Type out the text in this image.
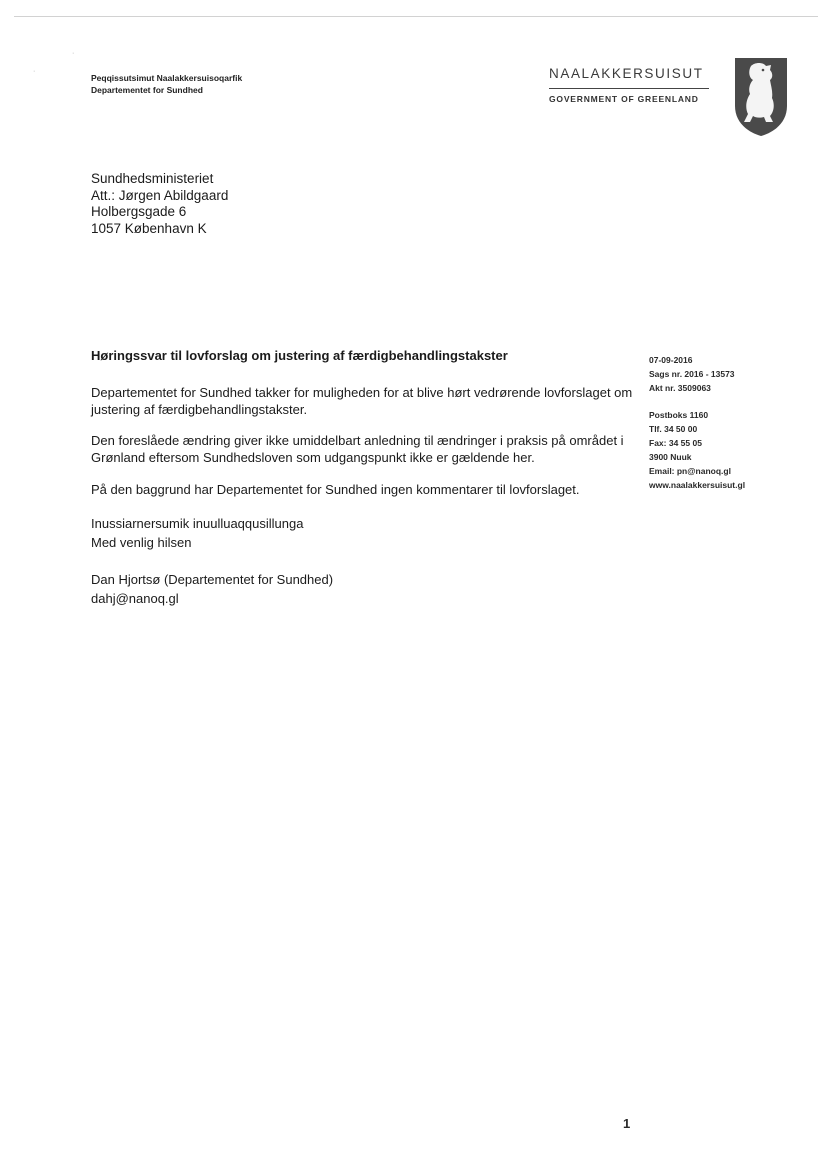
·
·
Peqqissutsimut Naalakkersuisoqarfik
Departementet for Sundhed
NAALAKKERSUISUT
GOVERNMENT OF GREENLAND
Sundhedsministeriet
Att.: Jørgen Abildgaard
Holbergsgade 6
1057 København K
Høringssvar til lovforslag om justering af færdigbehandlingstakster
Departementet for Sundhed takker for muligheden for at blive hørt vedrørende lovforslaget om justering af færdigbehandlingstakster.
Den foreslåede ændring giver ikke umiddelbart anledning til ændringer i praksis på området i Grønland eftersom Sundhedsloven som udgangspunkt ikke er gældende her.
På den baggrund har Departementet for Sundhed ingen kommentarer til lovforslaget.
Inussiarnersumik inuulluaqqusillunga
Med venlig hilsen
Dan Hjortsø (Departementet for Sundhed)
dahj@nanoq.gl
07-09-2016
Sags nr. 2016 - 13573
Akt nr. 3509063
Postboks 1160
Tlf. 34 50 00
Fax: 34 55 05
3900 Nuuk
Email: pn@nanoq.gl
www.naalakkersuisut.gl
1
